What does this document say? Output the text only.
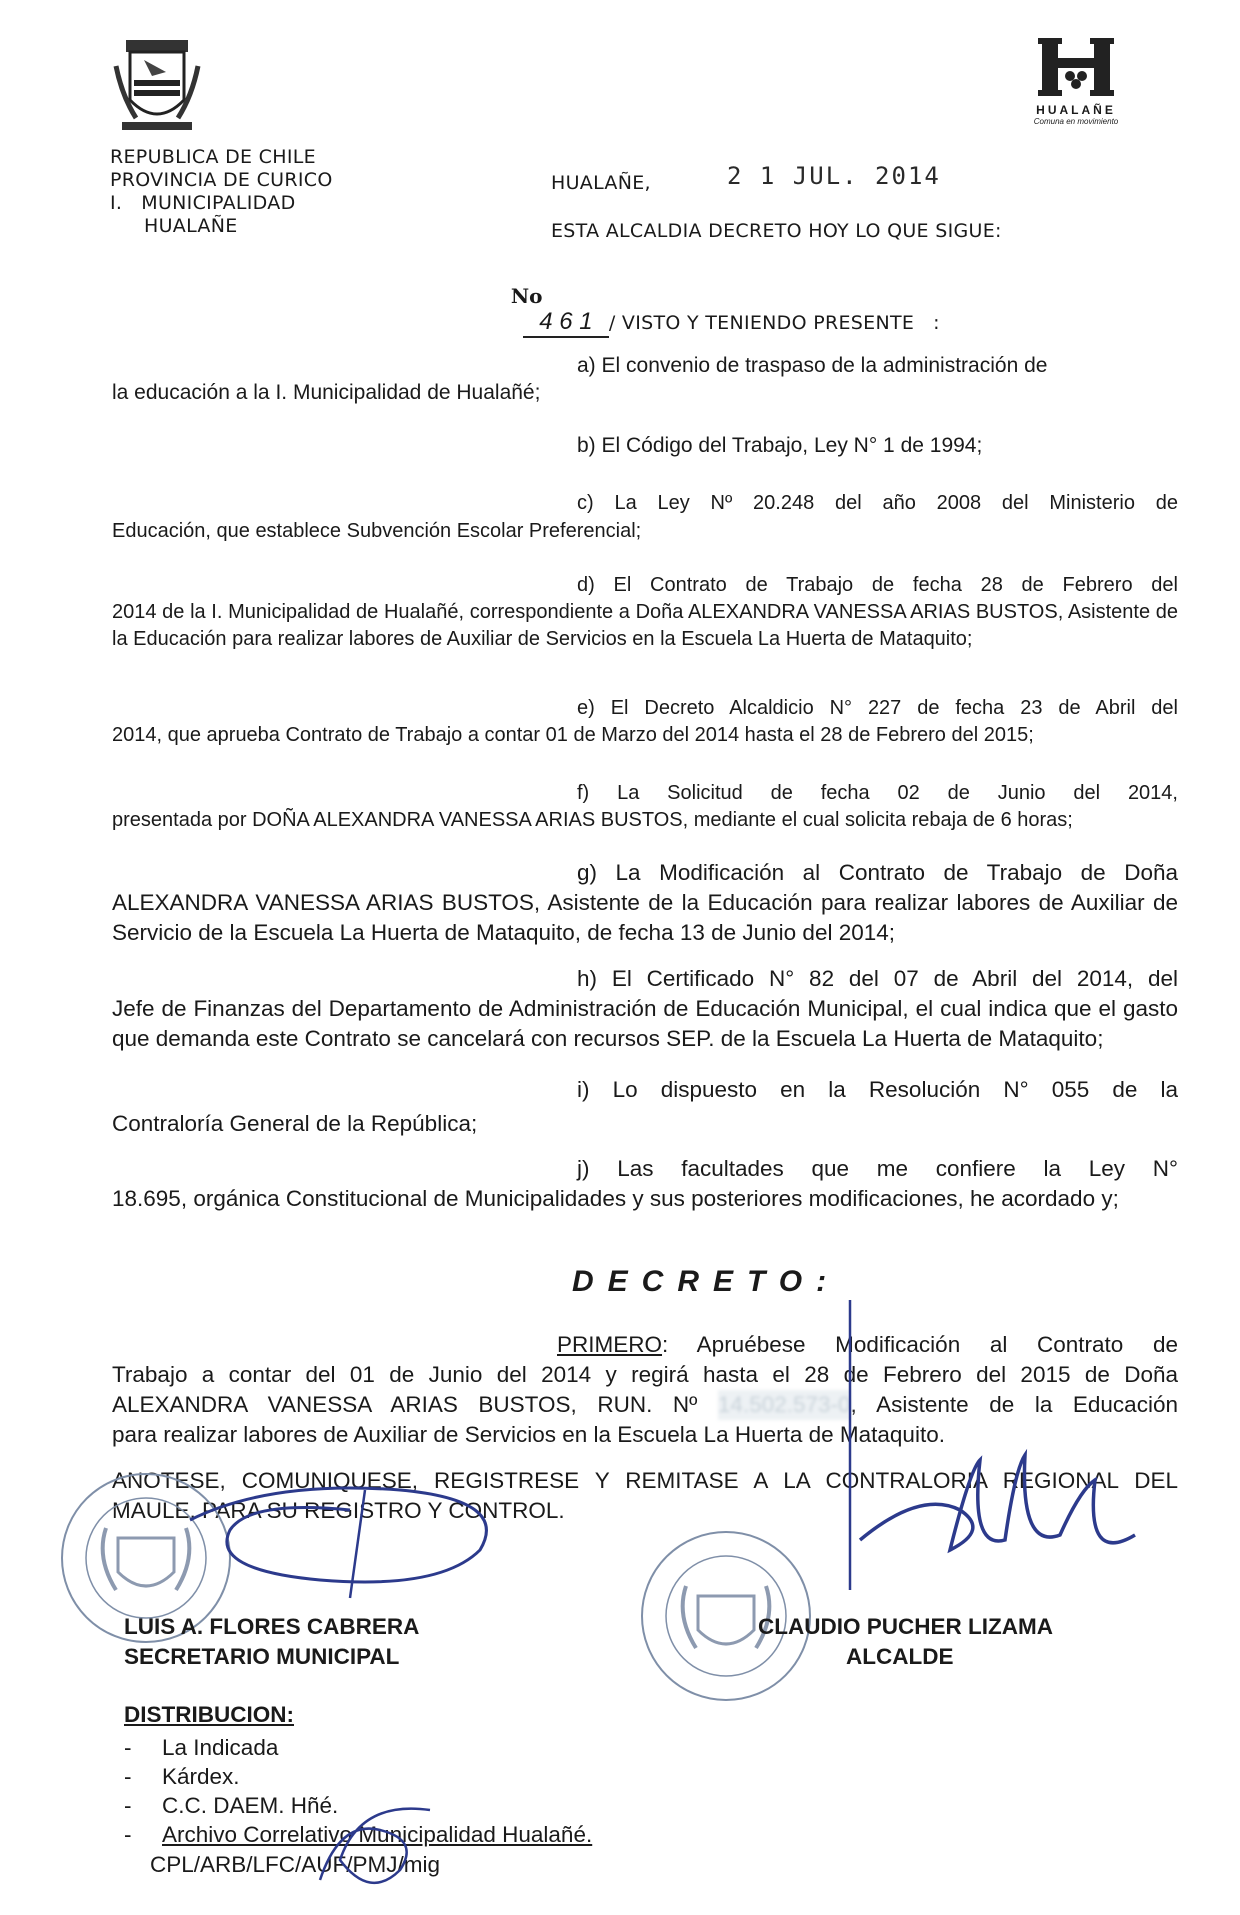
REPUBLICA DE CHILE
PROVINCIA DE CURICO
I.   MUNICIPALIDAD
HUALAÑE
HUALAÑE
Comuna en movimiento
HUALAÑE,	2 1 JUL. 2014
ESTA ALCALDIA DECRETO HOY LO QUE SIGUE:

No
4 6 1 / VISTO Y TENIENDO PRESENTE   :

a) El convenio de traspaso de la administración de
la educación a la I. Municipalidad de Hualañé;
b) El Código del Trabajo, Ley N° 1 de 1994;
c) La Ley Nº 20.248 del año 2008 del Ministerio de
Educación, que establece Subvención Escolar Preferencial;
d) El Contrato de Trabajo de fecha 28 de Febrero del
2014 de la I. Municipalidad de Hualañé, correspondiente a Doña ALEXANDRA VANESSA ARIAS BUSTOS, Asistente de la Educación para realizar labores de Auxiliar de Servicios en la Escuela La Huerta de Mataquito;
e) El Decreto Alcaldicio N° 227 de fecha 23 de Abril del
2014, que aprueba Contrato de Trabajo a contar 01 de Marzo del 2014 hasta el 28 de Febrero del 2015;
f) La Solicitud de fecha 02 de Junio del 2014,
presentada por DOÑA ALEXANDRA VANESSA ARIAS BUSTOS, mediante el cual solicita rebaja de 6 horas;
g) La Modificación al Contrato de Trabajo de Doña
ALEXANDRA VANESSA ARIAS BUSTOS, Asistente de la Educación para realizar labores de Auxiliar de Servicio de la Escuela La Huerta de Mataquito, de fecha 13 de Junio del 2014;
h) El Certificado N° 82 del 07 de Abril del 2014, del
Jefe de Finanzas del Departamento de Administración de Educación Municipal, el cual indica que el gasto que demanda este Contrato se cancelará con recursos SEP. de la Escuela La Huerta de Mataquito;
i) Lo dispuesto en la Resolución N° 055 de la
Contraloría General de la República;
j) Las facultades que me confiere la Ley N°
18.695, orgánica Constitucional de Municipalidades y sus posteriores modificaciones, he acordado y;
DECRETO:
PRIMERO: Apruébese Modificación al Contrato de
Trabajo a contar del 01 de Junio del 2014 y regirá hasta el 28 de Febrero del 2015 de Doña
ALEXANDRA VANESSA ARIAS BUSTOS, RUN. Nº 14.502.573-0, Asistente de la Educación
para realizar labores de Auxiliar de Servicios en la Escuela La Huerta de Mataquito.
ANOTESE, COMUNIQUESE, REGISTRESE Y REMITASE A LA CONTRALORIA REGIONAL DEL MAULE, PARA SU REGISTRO Y CONTROL.
LUIS A. FLORES CABRERA
SECRETARIO MUNICIPAL
CLAUDIO PUCHER LIZAMA
ALCALDE
DISTRIBUCION:
- La Indicada
- Kárdex.
- C.C. DAEM. Hñé.
- Archivo Correlativo Municipalidad Hualañé.
CPL/ARB/LFC/AUF/PMJ/mig
